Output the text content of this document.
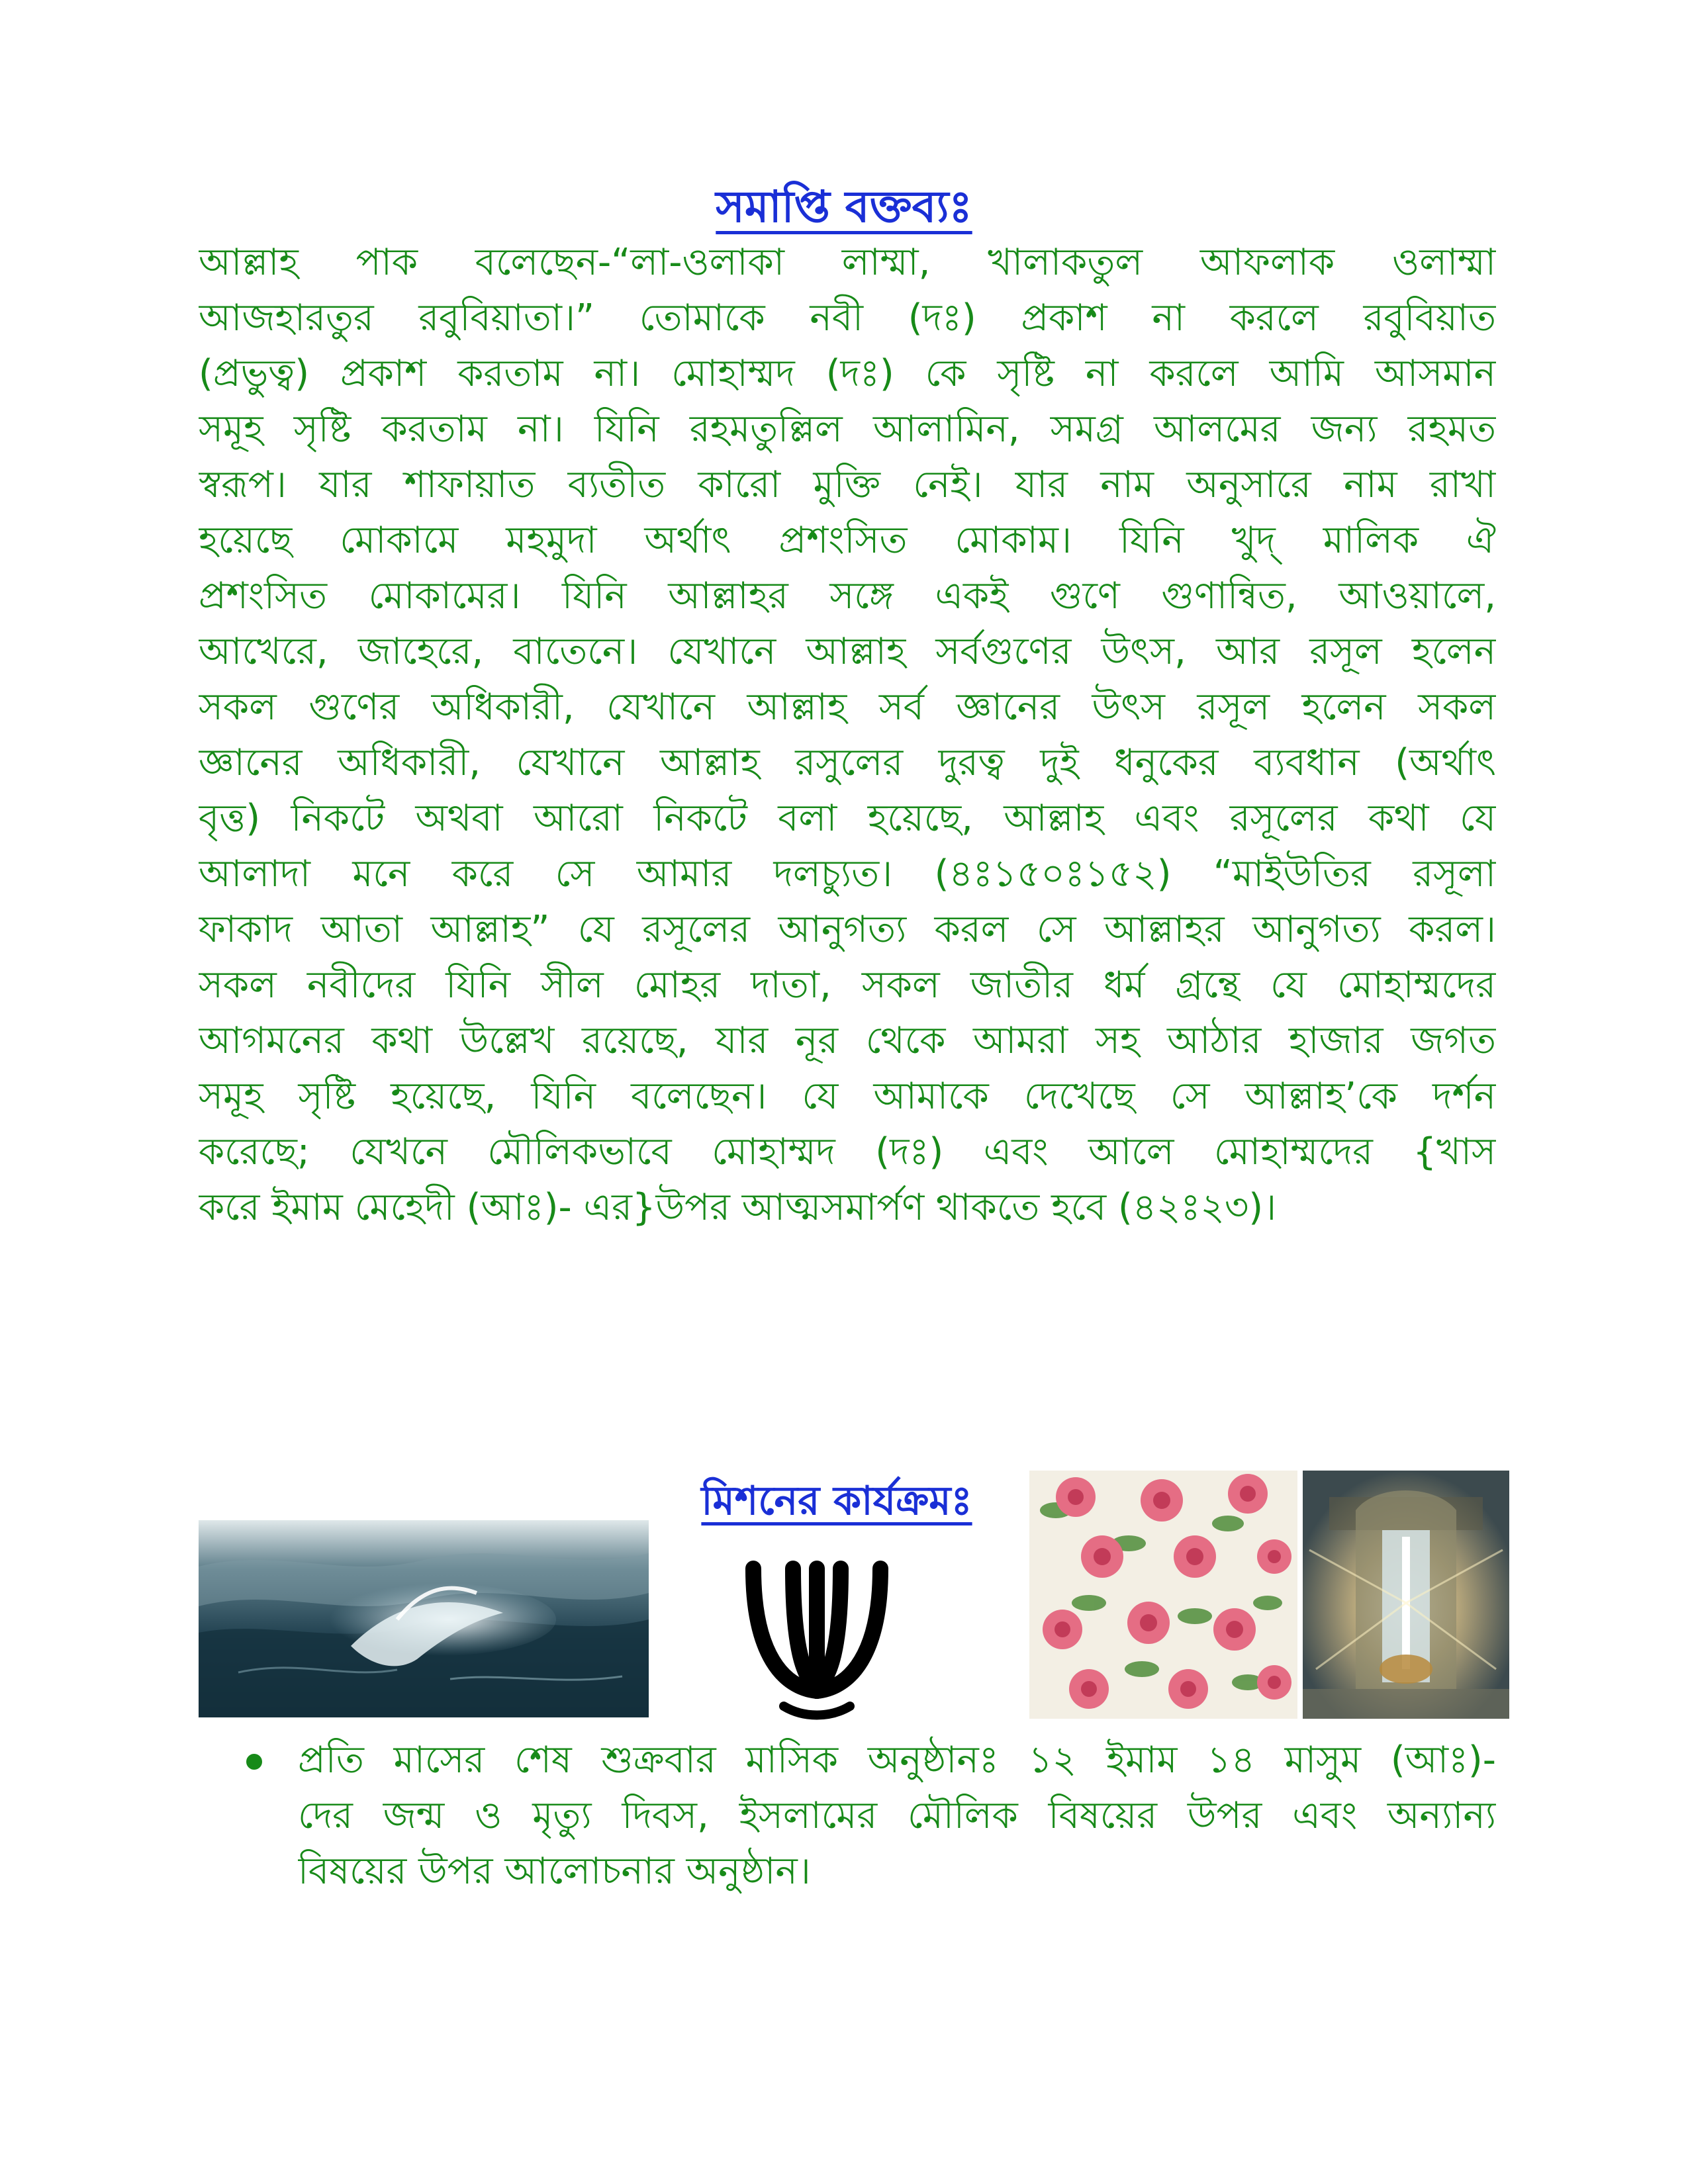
সমাপ্তি বক্তব্যঃ
আল্লাহ পাক বলেছেন-“লা-ওলাকা লাম্মা, খালাকতুল আফলাক ওলাম্মা
আজহারতুর রবুবিয়াতা।” তোমাকে নবী (দঃ) প্রকাশ না করলে রবুবিয়াত
(প্রভুত্ব) প্রকাশ করতাম না। মোহাম্মদ (দঃ) কে সৃষ্টি না করলে আমি আসমান
সমূহ সৃষ্টি করতাম না। যিনি রহমতুল্লিল আলামিন, সমগ্র আলমের জন্য রহমত
স্বরূপ। যার শাফায়াত ব্যতীত কারো মুক্তি নেই। যার নাম অনুসারে নাম রাখা
হয়েছে মোকামে মহমুদা অর্থাৎ প্রশংসিত মোকাম। যিনি খুদ্ মালিক ঐ
প্রশংসিত মোকামের। যিনি আল্লাহর সঙ্গে একই গুণে গুণান্বিত, আওয়ালে,
আখেরে, জাহেরে, বাতেনে। যেখানে আল্লাহ সর্বগুণের উৎস, আর রসূল হলেন
সকল গুণের অধিকারী, যেখানে আল্লাহ সর্ব জ্ঞানের উৎস রসূল হলেন সকল
জ্ঞানের অধিকারী, যেখানে আল্লাহ রসুলের দুরত্ব দুই ধনুকের ব্যবধান (অর্থাৎ
বৃত্ত) নিকটে অথবা আরো নিকটে বলা হয়েছে, আল্লাহ এবং রসূলের কথা যে
আলাদা মনে করে সে আমার দলচ্যুত। (৪ঃ১৫০ঃ১৫২) “মাইউতির রসূলা
ফাকাদ আতা আল্লাহ” যে রসূলের আনুগত্য করল সে আল্লাহর আনুগত্য করল।
সকল নবীদের যিনি সীল মোহর দাতা, সকল জাতীর ধর্ম গ্রন্থে যে মোহাম্মদের
আগমনের কথা উল্লেখ রয়েছে, যার নূর থেকে আমরা সহ আঠার হাজার জগত
সমূহ সৃষ্টি হয়েছে, যিনি বলেছেন। যে আমাকে দেখেছে সে আল্লাহ’কে দর্শন
করেছে; যেখনে মৌলিকভাবে মোহাম্মদ (দঃ) এবং আলে মোহাম্মদের {খাস
করে ইমাম মেহেদী (আঃ)- এর}উপর আত্মসমার্পণ থাকতে হবে (৪২ঃ২৩)।
মিশনের কার্যক্রমঃ
প্রতি মাসের শেষ শুক্রবার মাসিক অনুষ্ঠানঃ ১২ ইমাম ১৪ মাসুম (আঃ)-
দের জন্ম ও মৃত্যু দিবস, ইসলামের মৌলিক বিষয়ের উপর এবং অন্যান্য
বিষয়ের উপর আলোচনার অনুষ্ঠান।
